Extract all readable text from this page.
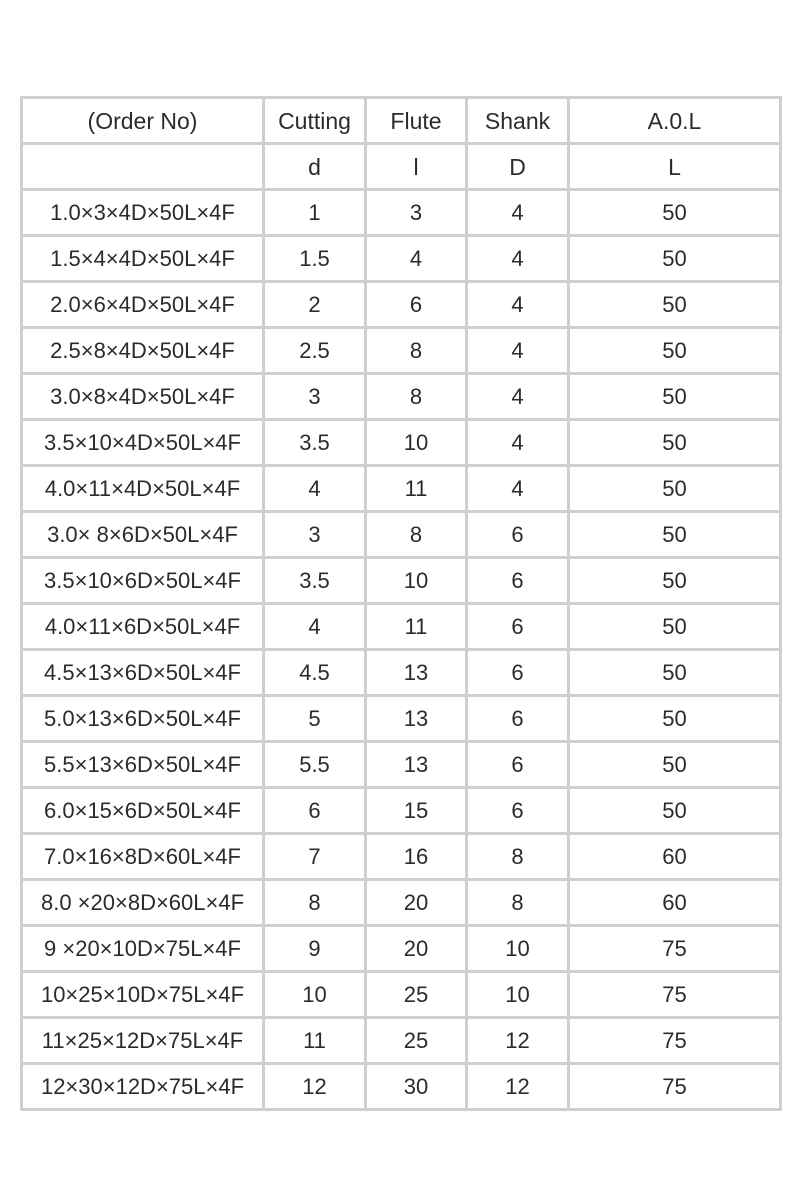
(Order No)	Cutting	Flute	Shank	A.0.L
	d	l	D	L
1.0×3×4D×50L×4F	1	3	4	50
1.5×4×4D×50L×4F	1.5	4	4	50
2.0×6×4D×50L×4F	2	6	4	50
2.5×8×4D×50L×4F	2.5	8	4	50
3.0×8×4D×50L×4F	3	8	4	50
3.5×10×4D×50L×4F	3.5	10	4	50
4.0×11×4D×50L×4F	4	11	4	50
3.0× 8×6D×50L×4F	3	8	6	50
3.5×10×6D×50L×4F	3.5	10	6	50
4.0×11×6D×50L×4F	4	11	6	50
4.5×13×6D×50L×4F	4.5	13	6	50
5.0×13×6D×50L×4F	5	13	6	50
5.5×13×6D×50L×4F	5.5	13	6	50
6.0×15×6D×50L×4F	6	15	6	50
7.0×16×8D×60L×4F	7	16	8	60
8.0 ×20×8D×60L×4F	8	20	8	60
9 ×20×10D×75L×4F	9	20	10	75
10×25×10D×75L×4F	10	25	10	75
11×25×12D×75L×4F	11	25	12	75
12×30×12D×75L×4F	12	30	12	75
